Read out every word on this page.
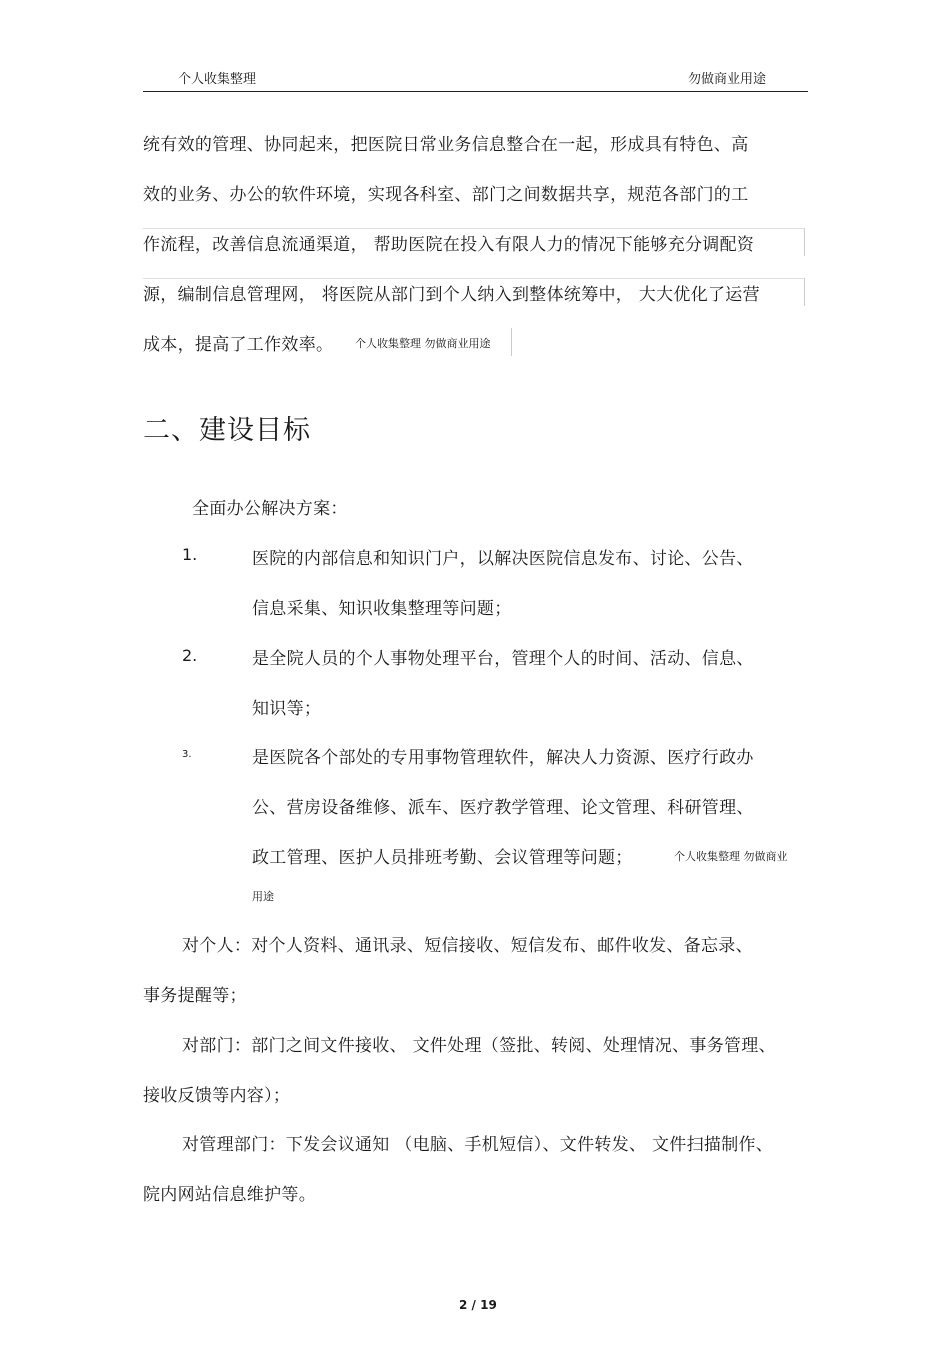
个人收集整理	勿做商业用途
统有效的管理、协同起来，把医院日常业务信息整合在一起，形成具有特色、高
效的业务、办公的软件环境，实现各科室、部门之间数据共享，规范各部门的工
作流程，改善信息流通渠道， 帮助医院在投入有限人力的情况下能够充分调配资
源，编制信息管理网， 将医院从部门到个人纳入到整体统筹中， 大大优化了运营
成本，提高了工作效率。 个人收集整理 勿做商业用途
二、建设目标
全面办公解决方案：
1.	医院的内部信息和知识门户，以解决医院信息发布、讨论、公告、
信息采集、知识收集整理等问题；
2.	是全院人员的个人事物处理平台，管理个人的时间、活动、信息、
知识等；
3.	是医院各个部处的专用事物管理软件，解决人力资源、医疗行政办
公、营房设备维修、派车、医疗教学管理、论文管理、科研管理、
政工管理、医护人员排班考勤、会议管理等问题；	个人收集整理 勿做商业
用途
对个人：对个人资料、通讯录、短信接收、短信发布、邮件收发、备忘录、
事务提醒等；
对部门：部门之间文件接收、 文件处理（签批、转阅、处理情况、事务管理、
接收反馈等内容）；
对管理部门：下发会议通知 （电脑、手机短信）、文件转发、 文件扫描制作、
院内网站信息维护等。
2 / 19
